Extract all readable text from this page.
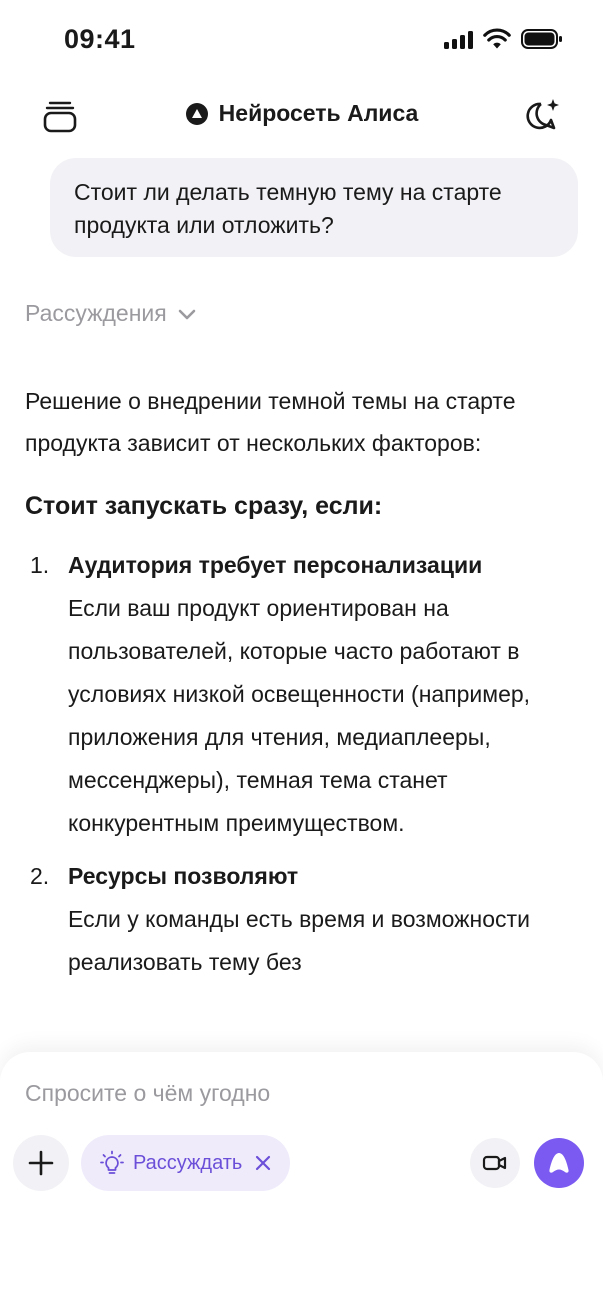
09:41
Нейросеть Алиса
Стоит ли делать темную тему на старте продукта или отложить?
Рассуждения

Решение о внедрении темной темы на старте продукта зависит от нескольких факторов:

Стоит запускать сразу, если:
1. Аудитория требует персонализации
Если ваш продукт ориентирован на пользователей, которые часто работают в условиях низкой освещенности (например, приложения для чтения, медиаплееры, мессенджеры), темная тема станет конкурентным преимуществом.
2. Ресурсы позволяют
Если у команды есть время и возможности реализовать тему без
Спросите о чём угодно
Рассуждать
